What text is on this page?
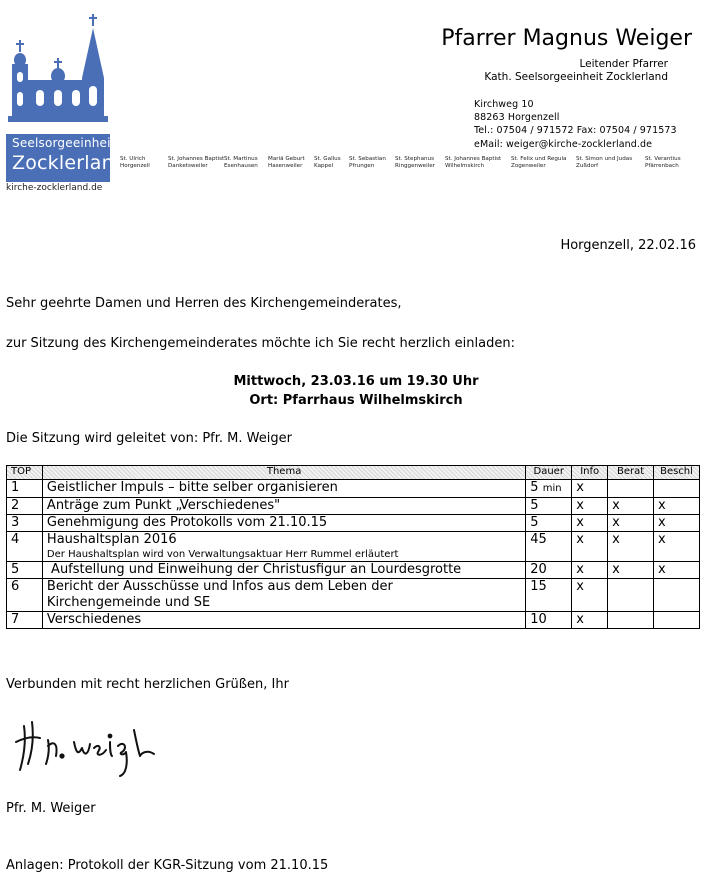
Seelsorgeeinheit
Zocklerland
kirche-zocklerland.de
Pfarrer Magnus Weiger
Leitender Pfarrer
Kath. Seelsorgeeinheit Zocklerland
Kirchweg 10
88263 Horgenzell
Tel.: 07504 / 971572 Fax: 07504 / 971573
eMail: weiger@kirche-zocklerland.de
St. Ulrich
Horgenzell
St. Johannes Baptist
Danketsweiler
St. Martinus
Esenhausen
Mariä Geburt
Hasenweiler
St. Gallus
Kappel
St. Sebastian
Pfrungen
St. Stephanus
Ringgenweiler
St. Johannes Baptist
Wilhelmskirch
St. Felix und Regula
Zogenweiler
St. Simon und Judas
Zußdorf
St. Verantius
Pfärrenbach
Horgenzell, 22.02.16
Sehr geehrte Damen und Herren des Kirchengemeinderates,
zur Sitzung des Kirchengemeinderates möchte ich Sie recht herzlich einladen:
Mittwoch, 23.03.16 um 19.30 Uhr
Ort: Pfarrhaus Wilhelmskirch
Die Sitzung wird geleitet von: Pfr. M. Weiger
TOP	Thema	Dauer	Info	Berat	Beschl
1	Geistlicher Impuls – bitte selber organisieren	5 min	x		
2	Anträge zum Punkt „Verschiedenes"	5	x	x	x
3	Genehmigung des Protokolls vom 21.10.15	5	x	x	x
4	Haushaltsplan 2016
Der Haushaltsplan wird von Verwaltungsaktuar Herr Rummel erläutert	45	x	x	x
5	Aufstellung und Einweihung der Christusfigur an Lourdesgrotte	20	x	x	x
6	Bericht der Ausschüsse und Infos aus dem Leben der Kirchengemeinde und SE	15	x		
7	Verschiedenes	10	x		
Verbunden mit recht herzlichen Grüßen, Ihr
Pfr. M. Weiger
Anlagen: Protokoll der KGR-Sitzung vom 21.10.15
